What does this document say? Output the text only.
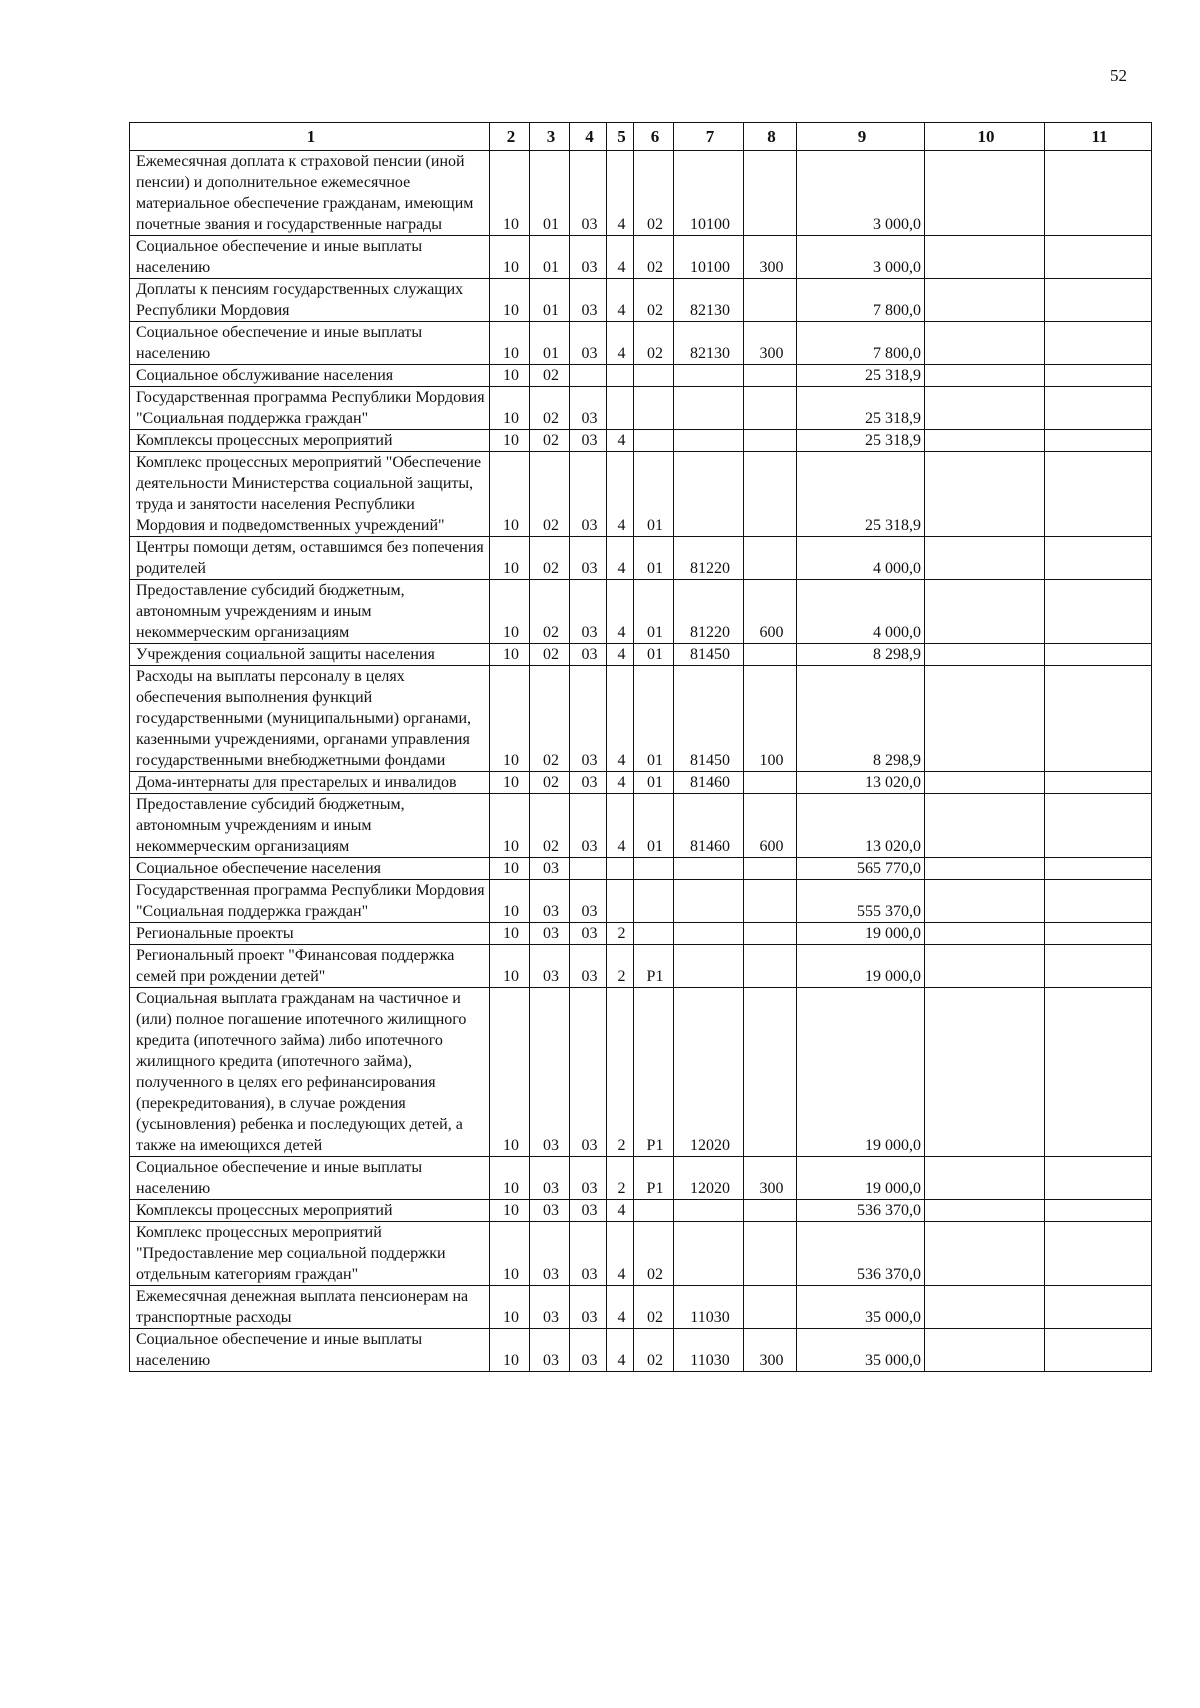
52
1	2	3	4	5	6	7	8	9	10	11
Ежемесячная доплата к страховой пенсии (иной пенсии) и дополнительное ежемесячное материальное обеспечение гражданам, имеющим почетные звания и государственные награды	10	01	03	4	02	10100		3 000,0		
Социальное обеспечение и иные выплаты населению	10	01	03	4	02	10100	300	3 000,0		
Доплаты к пенсиям государственных служащих Республики Мордовия	10	01	03	4	02	82130		7 800,0		
Социальное обеспечение и иные выплаты населению	10	01	03	4	02	82130	300	7 800,0		
Социальное обслуживание населения	10	02						25 318,9		
Государственная программа Республики Мордовия "Социальная поддержка граждан"	10	02	03					25 318,9		
Комплексы процессных мероприятий	10	02	03	4				25 318,9		
Комплекс процессных мероприятий "Обеспечение деятельности Министерства социальной защиты, труда и занятости населения Республики Мордовия и подведомственных учреждений"	10	02	03	4	01			25 318,9		
Центры помощи детям, оставшимся без попечения родителей	10	02	03	4	01	81220		4 000,0		
Предоставление субсидий бюджетным, автономным учреждениям и иным некоммерческим организациям	10	02	03	4	01	81220	600	4 000,0		
Учреждения социальной защиты населения	10	02	03	4	01	81450		8 298,9		
Расходы на выплаты персоналу в целях обеспечения выполнения функций государственными (муниципальными) органами, казенными учреждениями, органами управления государственными внебюджетными фондами	10	02	03	4	01	81450	100	8 298,9		
Дома-интернаты для престарелых и инвалидов	10	02	03	4	01	81460		13 020,0		
Предоставление субсидий бюджетным, автономным учреждениям и иным некоммерческим организациям	10	02	03	4	01	81460	600	13 020,0		
Социальное обеспечение населения	10	03						565 770,0		
Государственная программа Республики Мордовия "Социальная поддержка граждан"	10	03	03					555 370,0		
Региональные проекты	10	03	03	2				19 000,0		
Региональный проект "Финансовая поддержка семей при рождении детей"	10	03	03	2	P1			19 000,0		
Социальная выплата гражданам на частичное и (или) полное погашение ипотечного жилищного кредита (ипотечного займа) либо ипотечного жилищного кредита (ипотечного займа), полученного в целях его рефинансирования (перекредитования), в случае рождения (усыновления) ребенка и последующих детей, а также на имеющихся детей	10	03	03	2	P1	12020		19 000,0		
Социальное обеспечение и иные выплаты населению	10	03	03	2	P1	12020	300	19 000,0		
Комплексы процессных мероприятий	10	03	03	4				536 370,0		
Комплекс процессных мероприятий "Предоставление мер социальной поддержки отдельным категориям граждан"	10	03	03	4	02			536 370,0		
Ежемесячная денежная выплата пенсионерам на транспортные расходы	10	03	03	4	02	11030		35 000,0		
Социальное обеспечение и иные выплаты населению	10	03	03	4	02	11030	300	35 000,0		
